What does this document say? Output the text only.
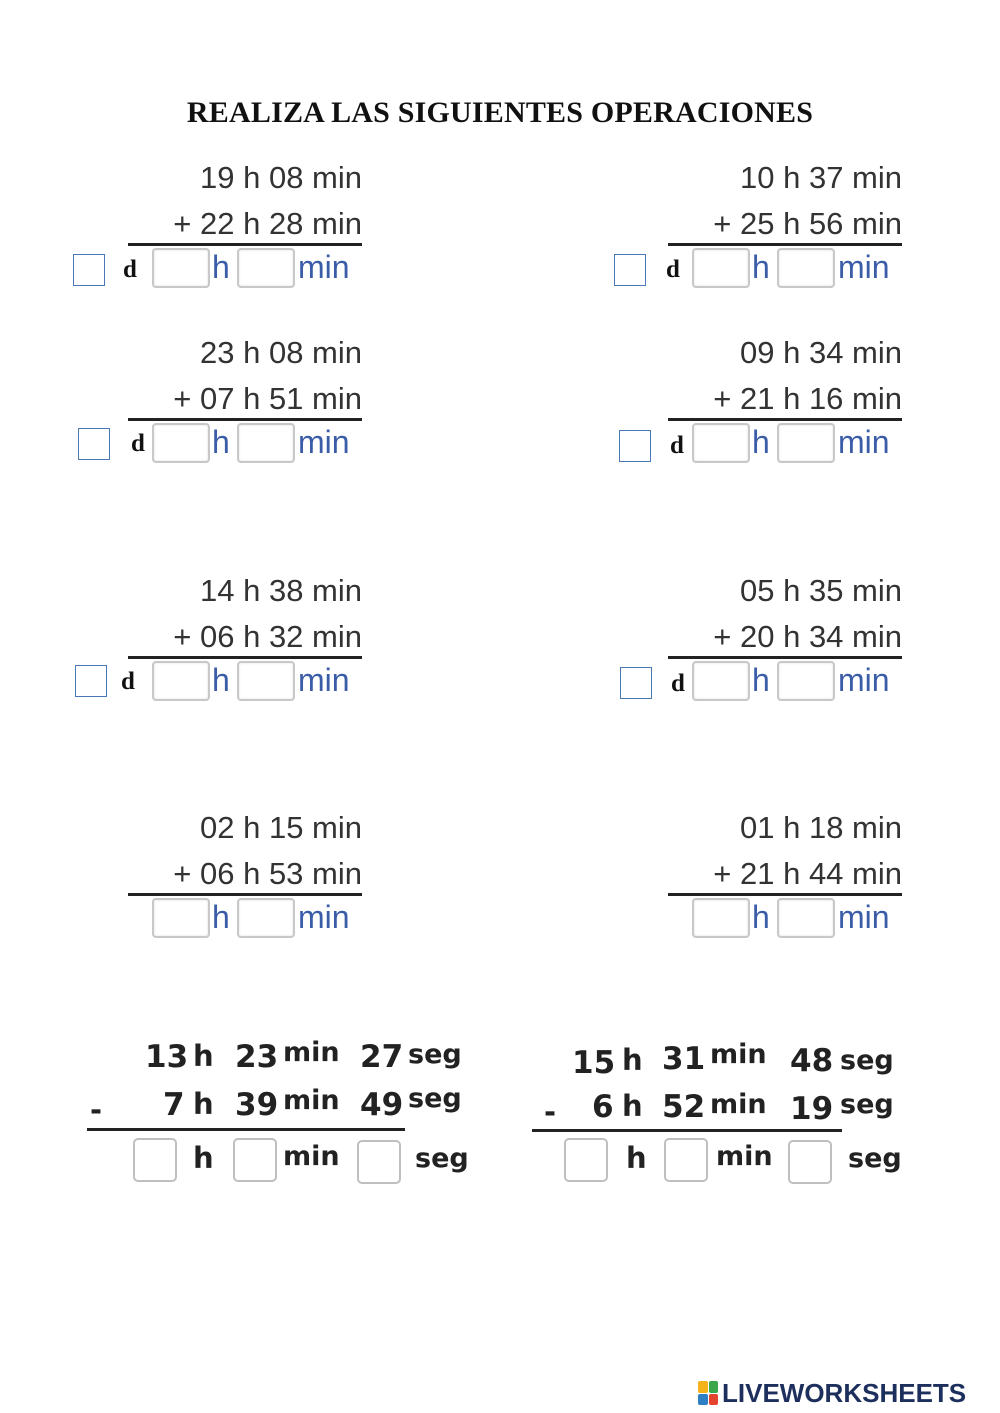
REALIZA LAS SIGUIENTES OPERACIONES
19 h 08 min
+ 22 h 28 min
h min
d
10 h 37 min
+ 25 h 56 min
h min
d
23 h 08 min
+ 07 h 51 min
h min
d
09 h 34 min
+ 21 h 16 min
h min
d
14 h 38 min
+ 06 h 32 min
h min
d
05 h 35 min
+ 20 h 34 min
h min
d
02 h 15 min
+ 06 h 53 min
h min
01 h 18 min
+ 21 h 44 min
h min
13 h 23 min 27 seg
- 7 h 39 min 49 seg
h	min	seg
15 h 31 min 48 seg
- 6 h 52 min 19 seg
h	min	seg
LIVEWORKSHEETS
